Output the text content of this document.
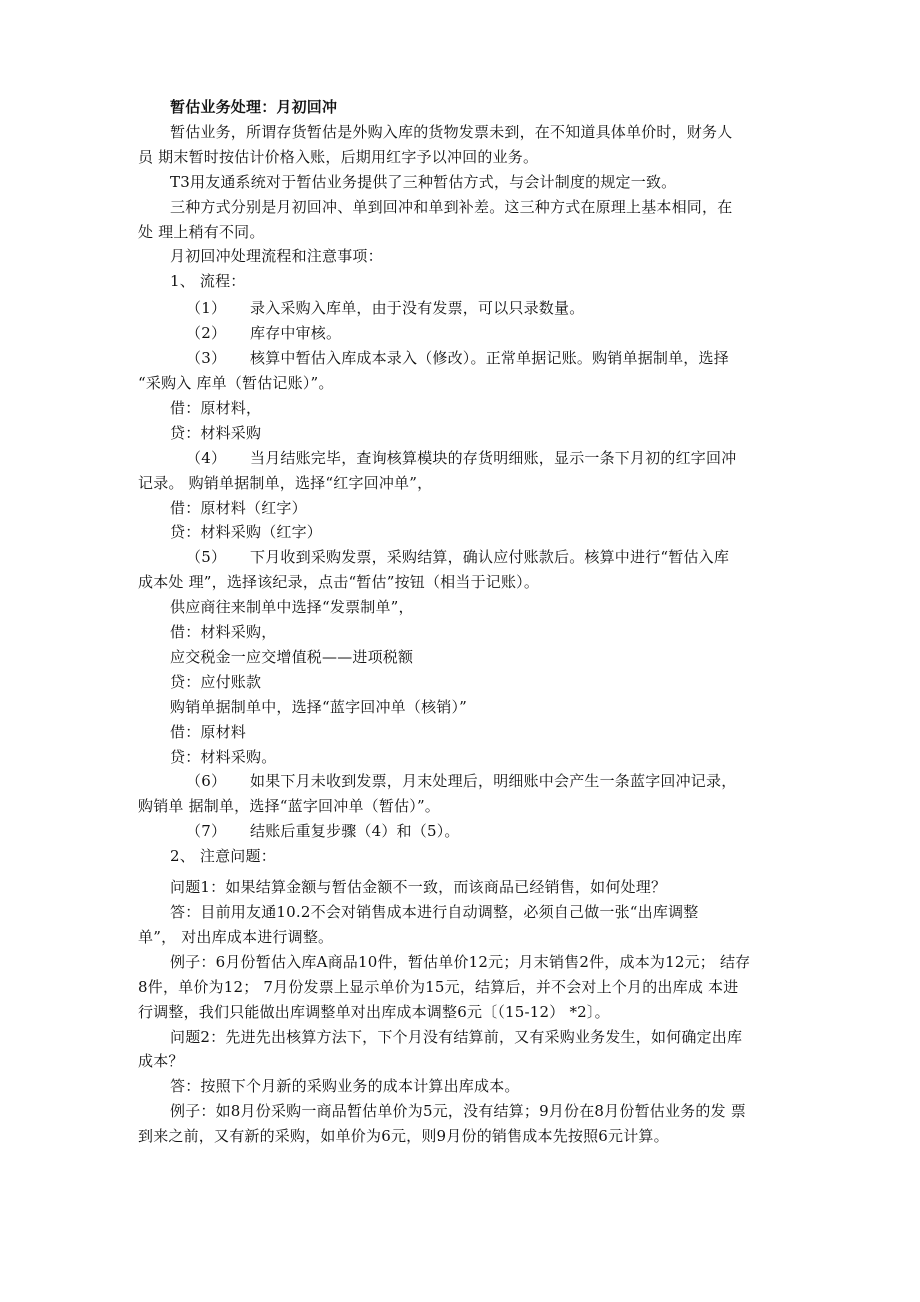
暂估业务处理：月初回冲

暂估业务，所谓存货暂估是外购入库的货物发票未到，在不知道具体单价时，财务人

员 期末暂时按估计价格入账，后期用红字予以冲回的业务。

T3用友通系统对于暂估业务提供了三种暂估方式，与会计制度的规定一致。

三种方式分别是月初回冲、单到回冲和单到补差。这三种方式在原理上基本相同，在

处 理上稍有不同。

月初回冲处理流程和注意事项：

1、 流程：

（1） 录入采购入库单，由于没有发票，可以只录数量。
（2） 库存中审核。
（3） 核算中暂估入库成本录入（修改）。正常单据记账。购销单据制单，选择

“采购入 库单（暂估记账）”。

借：原材料，

贷：材料采购

（4） 当月结账完毕，查询核算模块的存货明细账，显示一条下月初的红字回冲

记录。 购销单据制单，选择“红字回冲单”，

借：原材料（红字）

贷：材料采购（红字）

（5） 下月收到采购发票，采购结算，确认应付账款后。核算中进行“暂估入库

成本处 理”，选择该纪录，点击“暂估”按钮（相当于记账）。

供应商往来制单中选择“发票制单”，

借：材料采购，

应交税金一应交增值税——进项税额

贷：应付账款

购销单据制单中，选择“蓝字回冲单（核销）”

借：原材料

贷：材料采购。

（6） 如果下月未收到发票，月末处理后，明细账中会产生一条蓝字回冲记录，

购销单 据制单，选择“蓝字回冲单（暂估）”。

（7） 结账后重复步骤（4）和（5）。

2、 注意问题：

问题1：如果结算金额与暂估金额不一致，而该商品已经销售，如何处理？

答：目前用友通10.2不会对销售成本进行自动调整，必须自己做一张“出库调整

单”， 对出库成本进行调整。

例子：6月份暂估入库A商品10件，暂估单价12元；月末销售2件，成本为12元； 结存

8件，单价为12； 7月份发票上显示单价为15元，结算后，并不会对上个月的出库成 本进

行调整，我们只能做出库调整单对出库成本调整6元〔（15-12） *2〕。

问题2：先进先出核算方法下，下个月没有结算前，又有采购业务发生，如何确定出库

成本？

答：按照下个月新的采购业务的成本计算出库成本。

例子：如8月份采购一商品暂估单价为5元，没有结算；9月份在8月份暂估业务的发 票

到来之前，又有新的采购，如单价为6元，则9月份的销售成本先按照6元计算。
